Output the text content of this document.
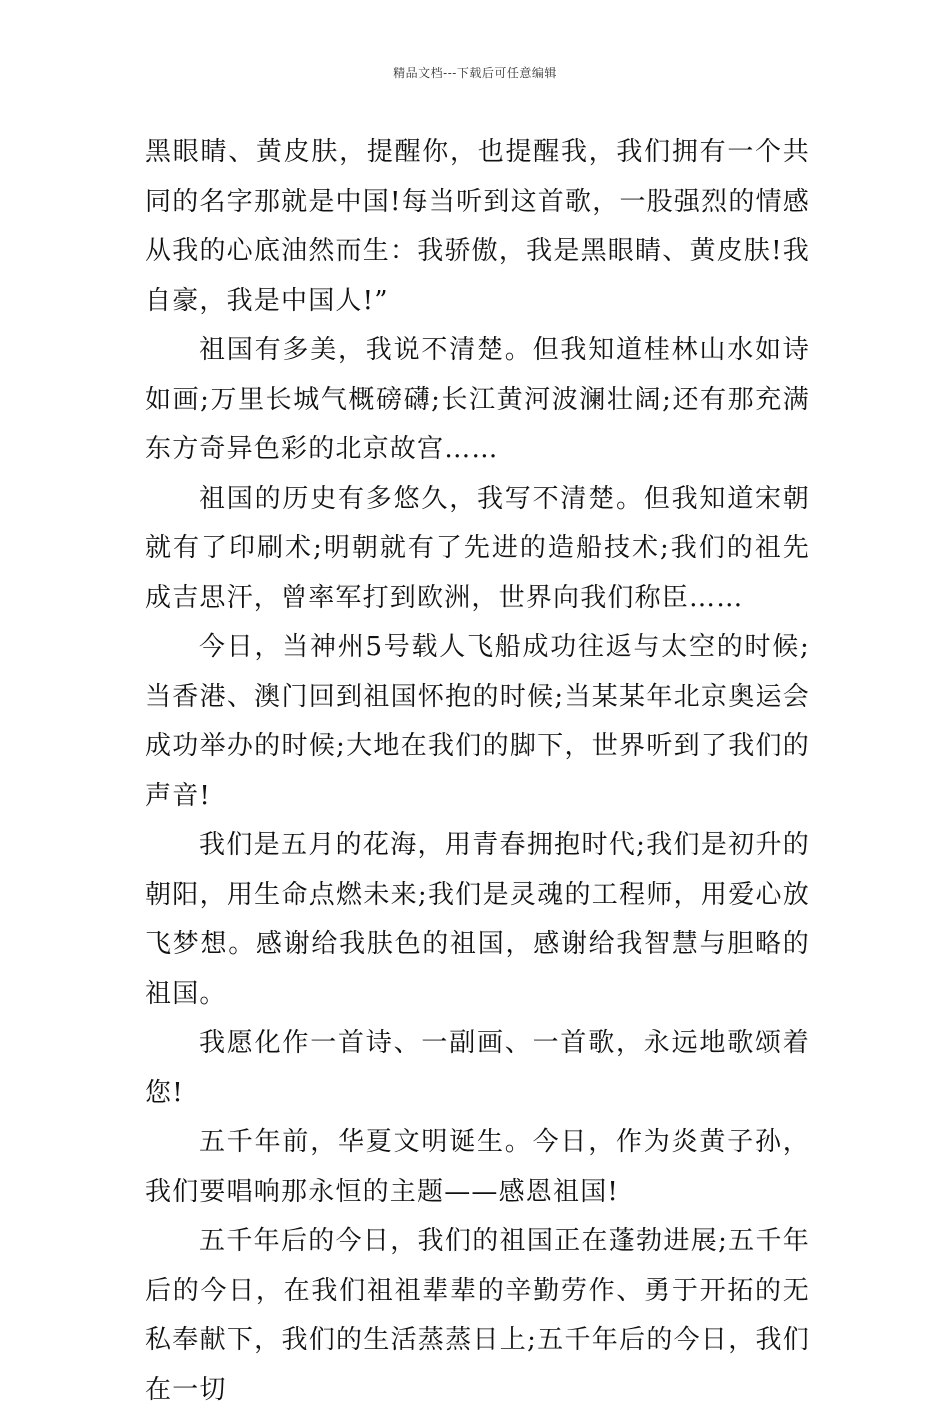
精品文档---下载后可任意编辑

黑眼睛、黄皮肤，提醒你，也提醒我，我们拥有一个共同的名字那就是中国!每当听到这首歌，一股强烈的情感从我的心底油然而生：我骄傲，我是黑眼睛、黄皮肤!我自豪，我是中国人!”

祖国有多美，我说不清楚。但我知道桂林山水如诗如画;万里长城气概磅礴;长江黄河波澜壮阔;还有那充满东方奇异色彩的北京故宫……

祖国的历史有多悠久，我写不清楚。但我知道宋朝就有了印刷术;明朝就有了先进的造船技术;我们的祖先成吉思汗，曾率军打到欧洲，世界向我们称臣……

今日，当神州5号载人飞船成功往返与太空的时候;当香港、澳门回到祖国怀抱的时候;当某某年北京奥运会成功举办的时候;大地在我们的脚下，世界听到了我们的声音!

我们是五月的花海，用青春拥抱时代;我们是初升的朝阳，用生命点燃未来;我们是灵魂的工程师，用爱心放飞梦想。感谢给我肤色的祖国，感谢给我智慧与胆略的祖国。

我愿化作一首诗、一副画、一首歌，永远地歌颂着您!

五千年前，华夏文明诞生。今日，作为炎黄子孙，我们要唱响那永恒的主题——感恩祖国!

五千年后的今日，我们的祖国正在蓬勃进展;五千年后的今日，在我们祖祖辈辈的辛勤劳作、勇于开拓的无私奉献下，我们的生活蒸蒸日上;五千年后的今日，我们在一切
